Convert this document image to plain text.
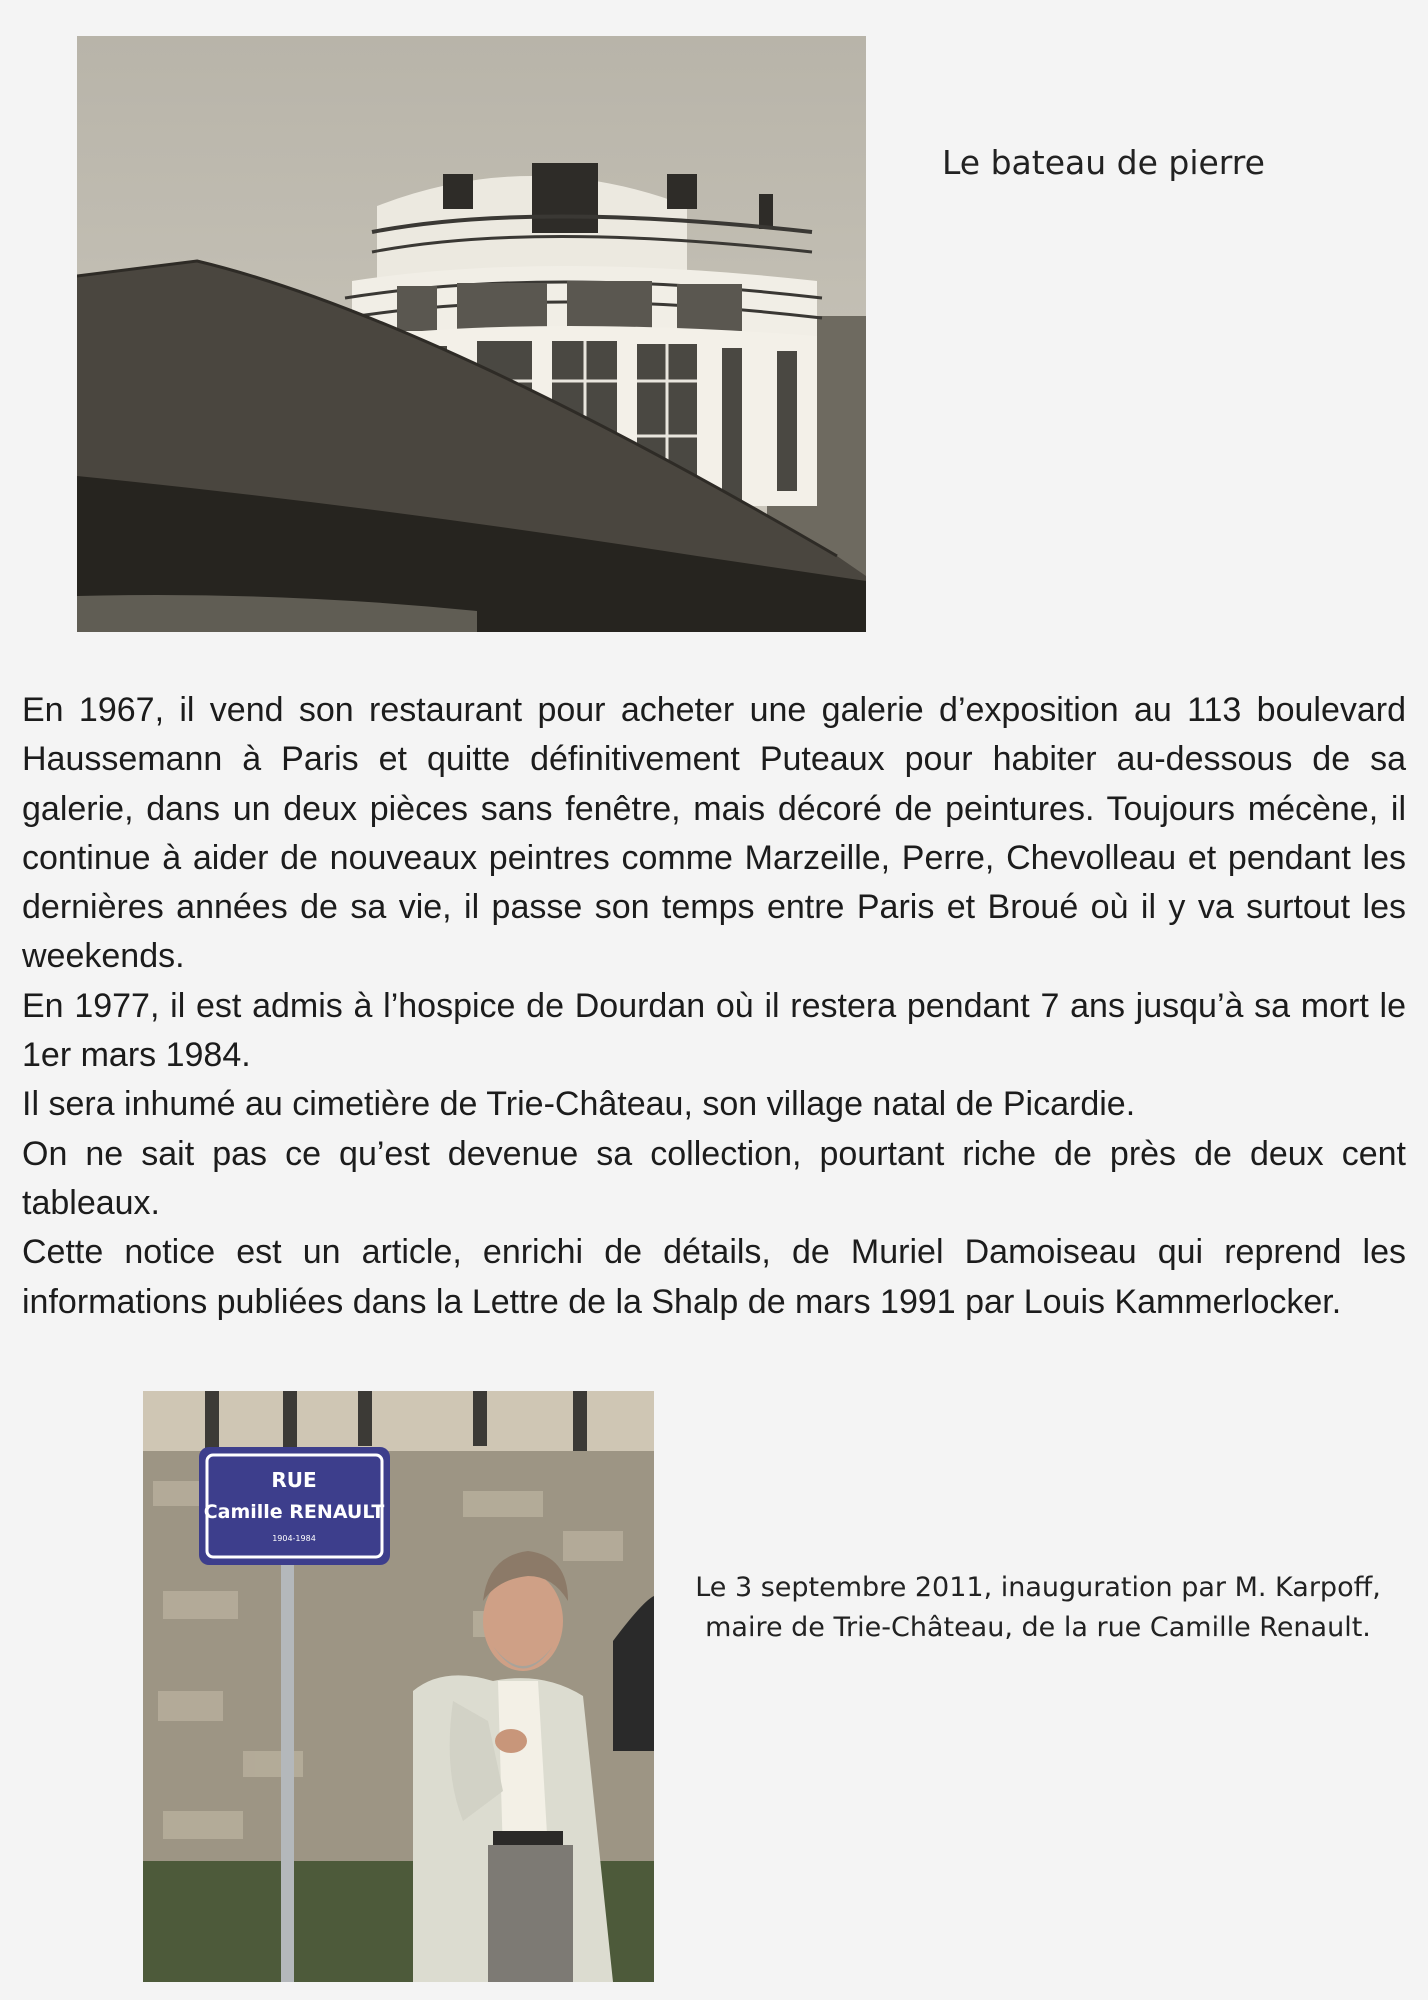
Le bateau de pierre

En 1967, il vend son restaurant pour acheter une galerie d’exposition au 113 boulevard Haussemann à Paris et quitte définitivement Puteaux pour habiter au-dessous de sa galerie, dans un deux pièces sans fenêtre, mais décoré de peintures. Toujours mécène, il continue à aider de nouveaux peintres comme Marzeille, Perre, Chevolleau et pendant les dernières années de sa vie, il passe son temps entre Paris et Broué où il y va surtout les weekends.

En 1977, il est admis à l’hospice de Dourdan où il restera pendant 7 ans jusqu’à sa mort le 1er mars 1984.

Il sera inhumé au cimetière de Trie-Château, son village natal de Picardie.

On ne sait pas ce qu’est devenue sa collection, pourtant riche de près de deux cent tableaux.

Cette notice est un article, enrichi de détails, de Muriel Damoiseau qui reprend les informations publiées dans la Lettre de la Shalp de mars 1991 par Louis Kammerlocker.

RUE
Camille RENAULT
1904-1984
Le 3 septembre 2011, inauguration par M. Karpoff,
maire de Trie-Château, de la rue Camille Renault.
